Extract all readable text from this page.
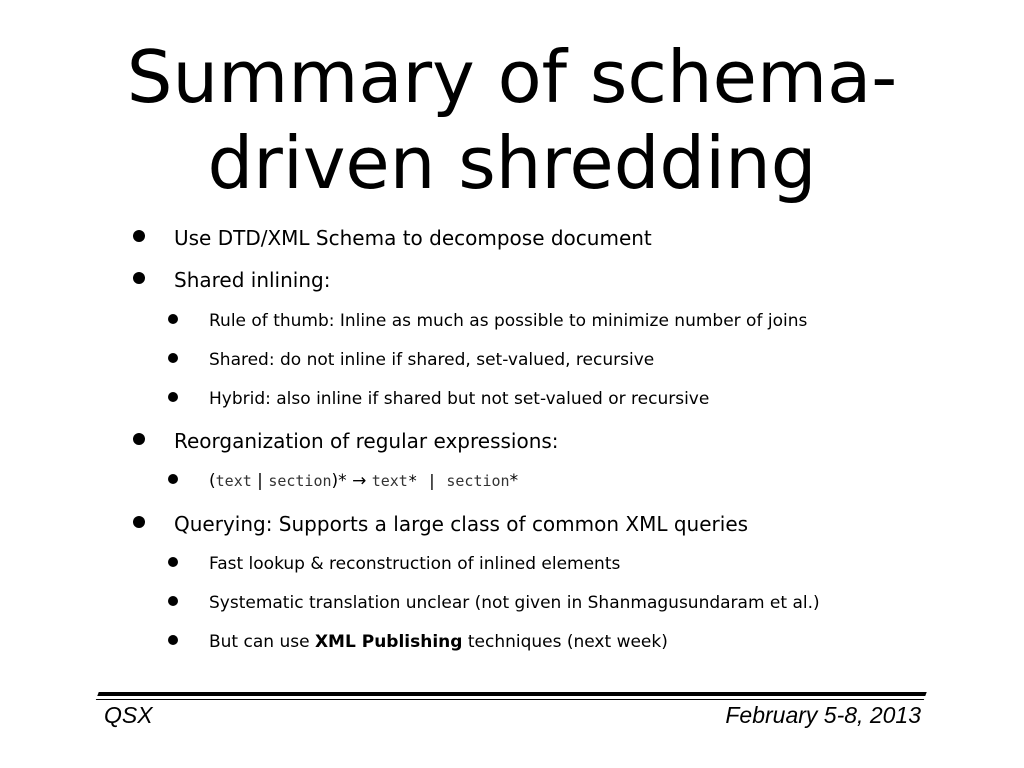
Summary of schema-
driven shredding
Use DTD/XML Schema to decompose document
Shared inlining:
Rule of thumb: Inline as much as possible to minimize number of joins
Shared: do not inline if shared, set-valued, recursive
Hybrid: also inline if shared but not set-valued or recursive
Reorganization of regular expressions:
(text | section)* → text* | section*
Querying: Supports a large class of common XML queries
Fast lookup & reconstruction of inlined elements
Systematic translation unclear (not given in Shanmagusundaram et al.)
But can use XML Publishing techniques (next week)
QSX	February 5-8, 2013
